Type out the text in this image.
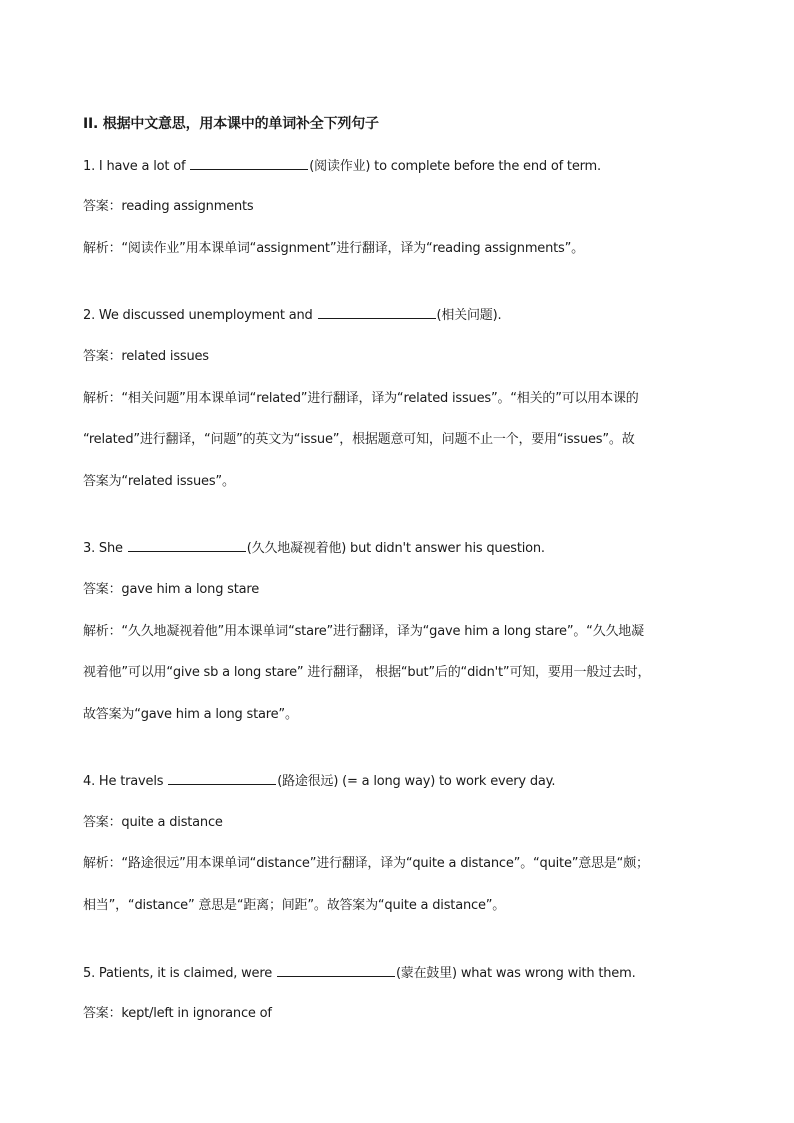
II. 根据中文意思，用本课中的单词补全下列句子
1. I have a lot of	(阅读作业) to complete before the end of term.
答案：reading assignments
解析：“阅读作业”用本课单词“assignment”进行翻译，译为“reading assignments”。
2. We discussed unemployment and	(相关问题).
答案：related issues
解析：“相关问题”用本课单词“related”进行翻译，译为“related issues”。“相关的”可以用本课的
“related”进行翻译，“问题”的英文为“issue”，根据题意可知，问题不止一个，要用“issues”。故
答案为“related issues”。
3. She	(久久地凝视着他) but didn't answer his question.
答案：gave him a long stare
解析：“久久地凝视着他”用本课单词“stare”进行翻译，译为“gave him a long stare”。“久久地凝
视着他”可以用“give sb a long stare” 进行翻译， 根据“but”后的“didn't”可知，要用一般过去时，
故答案为“gave him a long stare”。
4. He travels	(路途很远) (= a long way) to work every day.
答案：quite a distance
解析：“路途很远”用本课单词“distance”进行翻译，译为“quite a distance”。“quite”意思是“颇；
相当”，“distance” 意思是“距离；间距”。故答案为“quite a distance”。
5. Patients, it is claimed, were	(蒙在鼓里) what was wrong with them.
答案：kept/left in ignorance of
